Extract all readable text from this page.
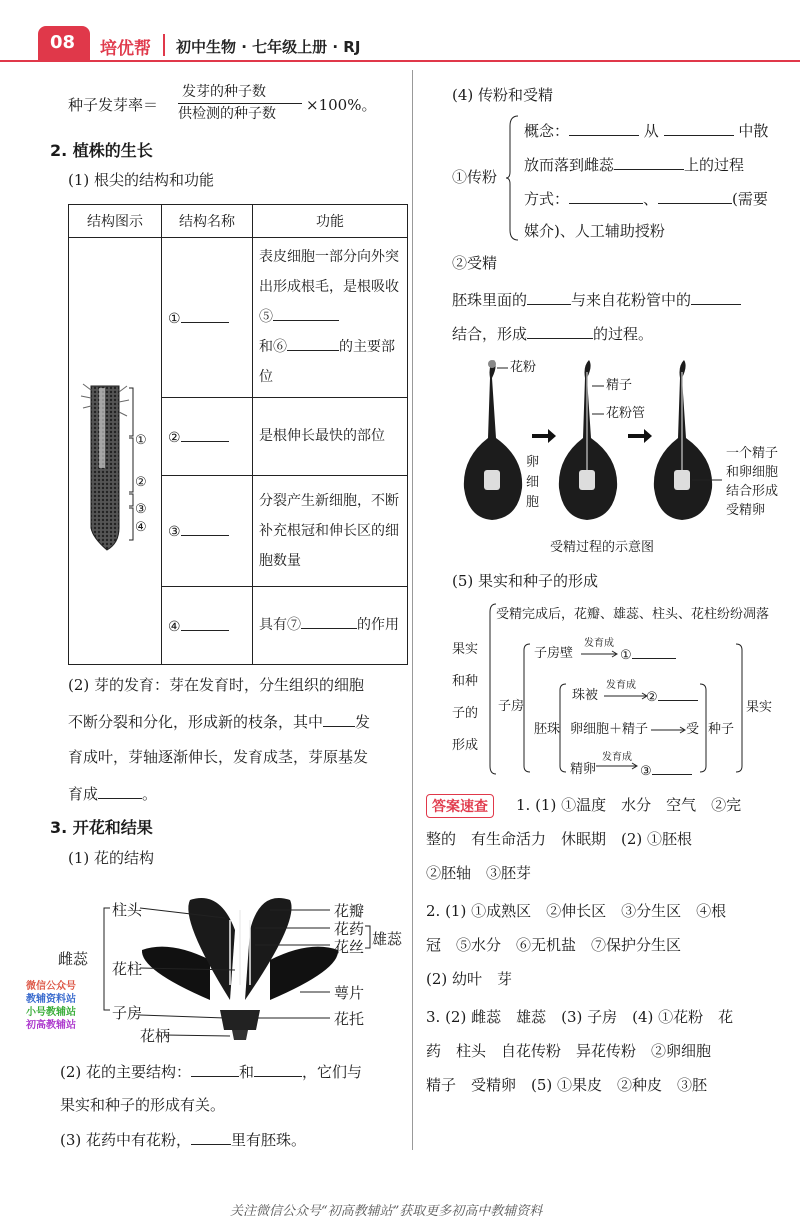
08 培优帮 初中生物 · 七年级上册 · RJ
种子发芽率＝
发芽的种子数
供检测的种子数 ×100%。
2. 植株的生长
(1) 根尖的结构和功能
结构图示	结构名称	功能

①
②
③
④	①	表皮细胞一部分向外突出形成根毛，是根吸收⑤
和⑥ 的主要部位
	②	是根伸长最快的部位
	③	分裂产生新细胞，不断补充根冠和伸长区的细胞数量
	④	具有⑦ 的作用
(2) 芽的发育：芽在发育时，分生组织的细胞
不断分裂和分化，形成新的枝条，其中 发
育成叶，芽轴逐渐伸长，发育成茎，芽原基发
育成	。
3. 开花和结果
(1) 花的结构
柱头
雌蕊
花柱
子房
花柄
花瓣
花药
花丝 雄蕊
萼片
花托
微信公众号
教辅资料站
小号教辅站
初高教辅站
(2) 花的主要结构：	和	，它们与
果实和种子的形成有关。
(3) 花药中有花粉，	里有胚珠。
(4) 传粉和受精
①传粉
概念：	从	中散
放而落到雌蕊	上的过程
方式：	、	(需要
媒介)、人工辅助授粉
②受精
胚珠里面的	与来自花粉管中的
结合，形成	的过程。
花粉
精子
花粉管
卵
细
胞
一个精子
和卵细胞
结合形成
受精卵
受精过程的示意图
(5) 果实和种子的形成
受精完成后，花瓣、雄蕊、柱头、花柱纷纷凋落
果实
和种
子的
形成
子房
子房壁
发育成
①
珠被
发育成
②
胚珠 卵细胞＋精子	受 种子
精卵
发育成
③
果实
答案速查	1. (1) ①温度　水分　空气　②完
整的　有生命活力　休眠期　(2) ①胚根
②胚轴　③胚芽
2. (1) ①成熟区　②伸长区　③分生区　④根
冠　⑤水分　⑥无机盐　⑦保护分生区
(2) 幼叶　芽
3. (2) 雌蕊　雄蕊　(3) 子房　(4) ①花粉　花
药　柱头　自花传粉　异花传粉　②卵细胞
精子　受精卵　(5) ①果皮　②种皮　③胚
关注微信公众号“初高教辅站”获取更多初高中教辅资料
